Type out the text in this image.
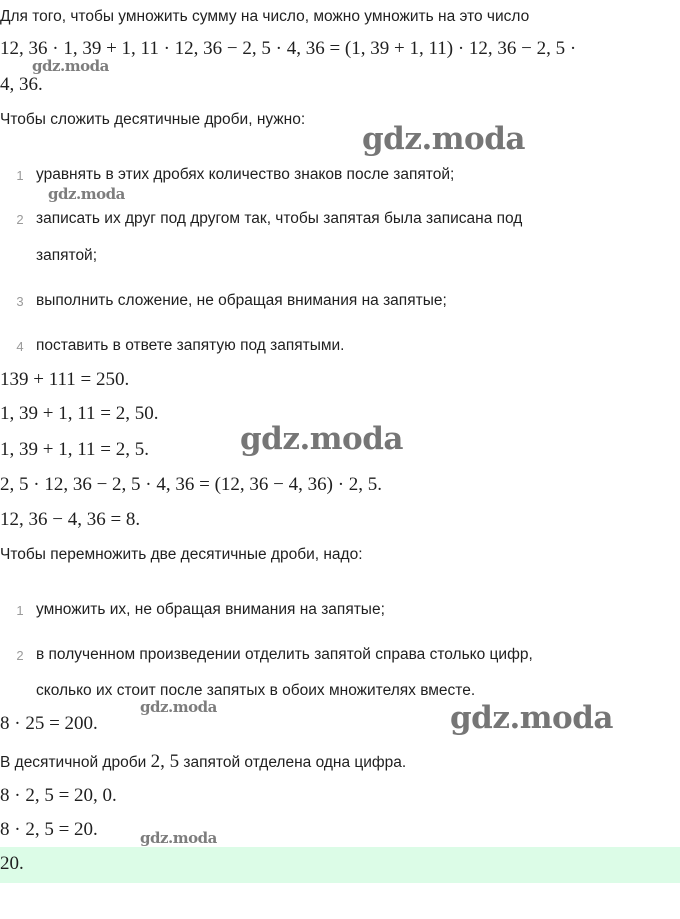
Для того, чтобы умножить сумму на число, можно умножить на это число
12, 36 · 1, 39 + 1, 11 · 12, 36 − 2, 5 · 4, 36 = (1, 39 + 1, 11) · 12, 36 − 2, 5 ·
gdz.moda
4, 36.
Чтобы сложить десятичные дроби, нужно:
gdz.moda
1 уравнять в этих дробях количество знаков после запятой;
gdz.moda
2 записать их друг под другом так, чтобы запятая была записана под
запятой;
3 выполнить сложение, не обращая внимания на запятые;
4 поставить в ответе запятую под запятыми.
139 + 111 = 250.
1, 39 + 1, 11 = 2, 50.
1, 39 + 1, 11 = 2, 5.	gdz.moda
2, 5 · 12, 36 − 2, 5 · 4, 36 = (12, 36 − 4, 36) · 2, 5.
12, 36 − 4, 36 = 8.
Чтобы перемножить две десятичные дроби, надо:
1 умножить их, не обращая внимания на запятые;
2 в полученном произведении отделить запятой справа столько цифр,
сколько их стоит после запятых в обоих множителях вместе.
8 · 25 = 200.
gdz.moda	gdz.moda
В десятичной дроби 2, 5 запятой отделена одна цифра.
8 · 2, 5 = 20, 0.
8 · 2, 5 = 20.	gdz.moda
20.
